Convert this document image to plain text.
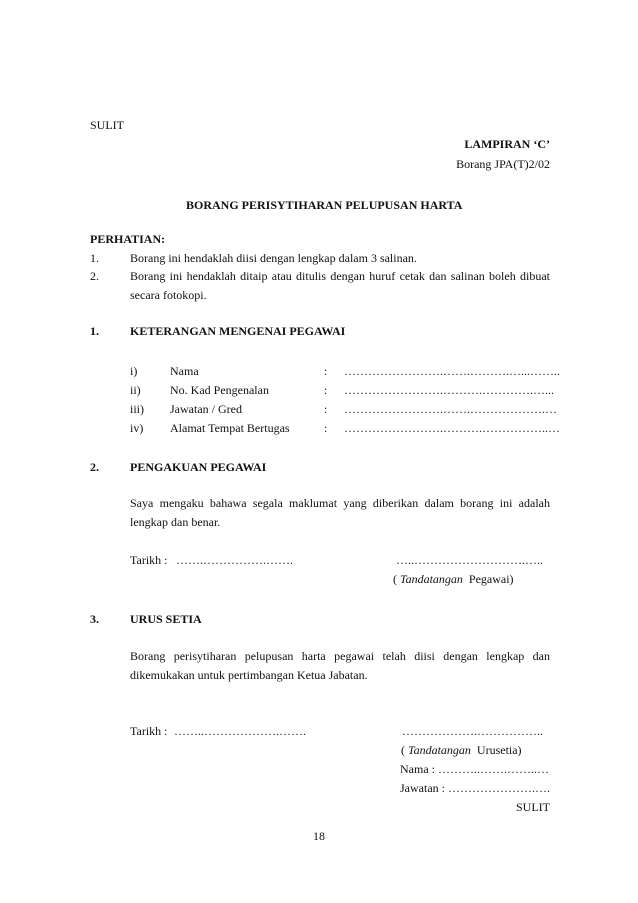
SULIT
LAMPIRAN ‘C’
Borang JPA(T)2/02
BORANG PERISYTIHARAN PELUPUSAN HARTA
PERHATIAN:
1.	Borang ini hendaklah diisi dengan lengkap dalam 3 salinan.
2.	Borang ini hendaklah ditaip atau ditulis dengan huruf cetak dan salinan boleh dibuat
secara fotokopi.
1.	KETERANGAN MENGENAI PEGAWAI
i)	Nama	: …………………….…….……….…...……..
ii) No. Kad Pengenalan	: …………………….……….………….…...
iii) Jawatan / Gred	: …………………….…….……………….…
iv) Alamat Tempat Bertugas	: …………………….……….……………..…
2.	PENGAKUAN PEGAWAI
Saya mengaku bahawa segala maklumat yang diberikan dalam borang ini adalah
lengkap dan benar.
Tarikh : …….…………….…….	…..……………………….…..
( Tandatangan Pegawai)
3.	URUS SETIA
Borang perisytiharan pelupusan harta pegawai telah diisi dengan lengkap dan
dikemukakan untuk pertimbangan Ketua Jabatan.
Tarikh : ……..……………….…….	……………….……………..
( Tandatangan Urusetia)
Nama : ………..…….……..…
Jawatan : ………………….….
SULIT
18
